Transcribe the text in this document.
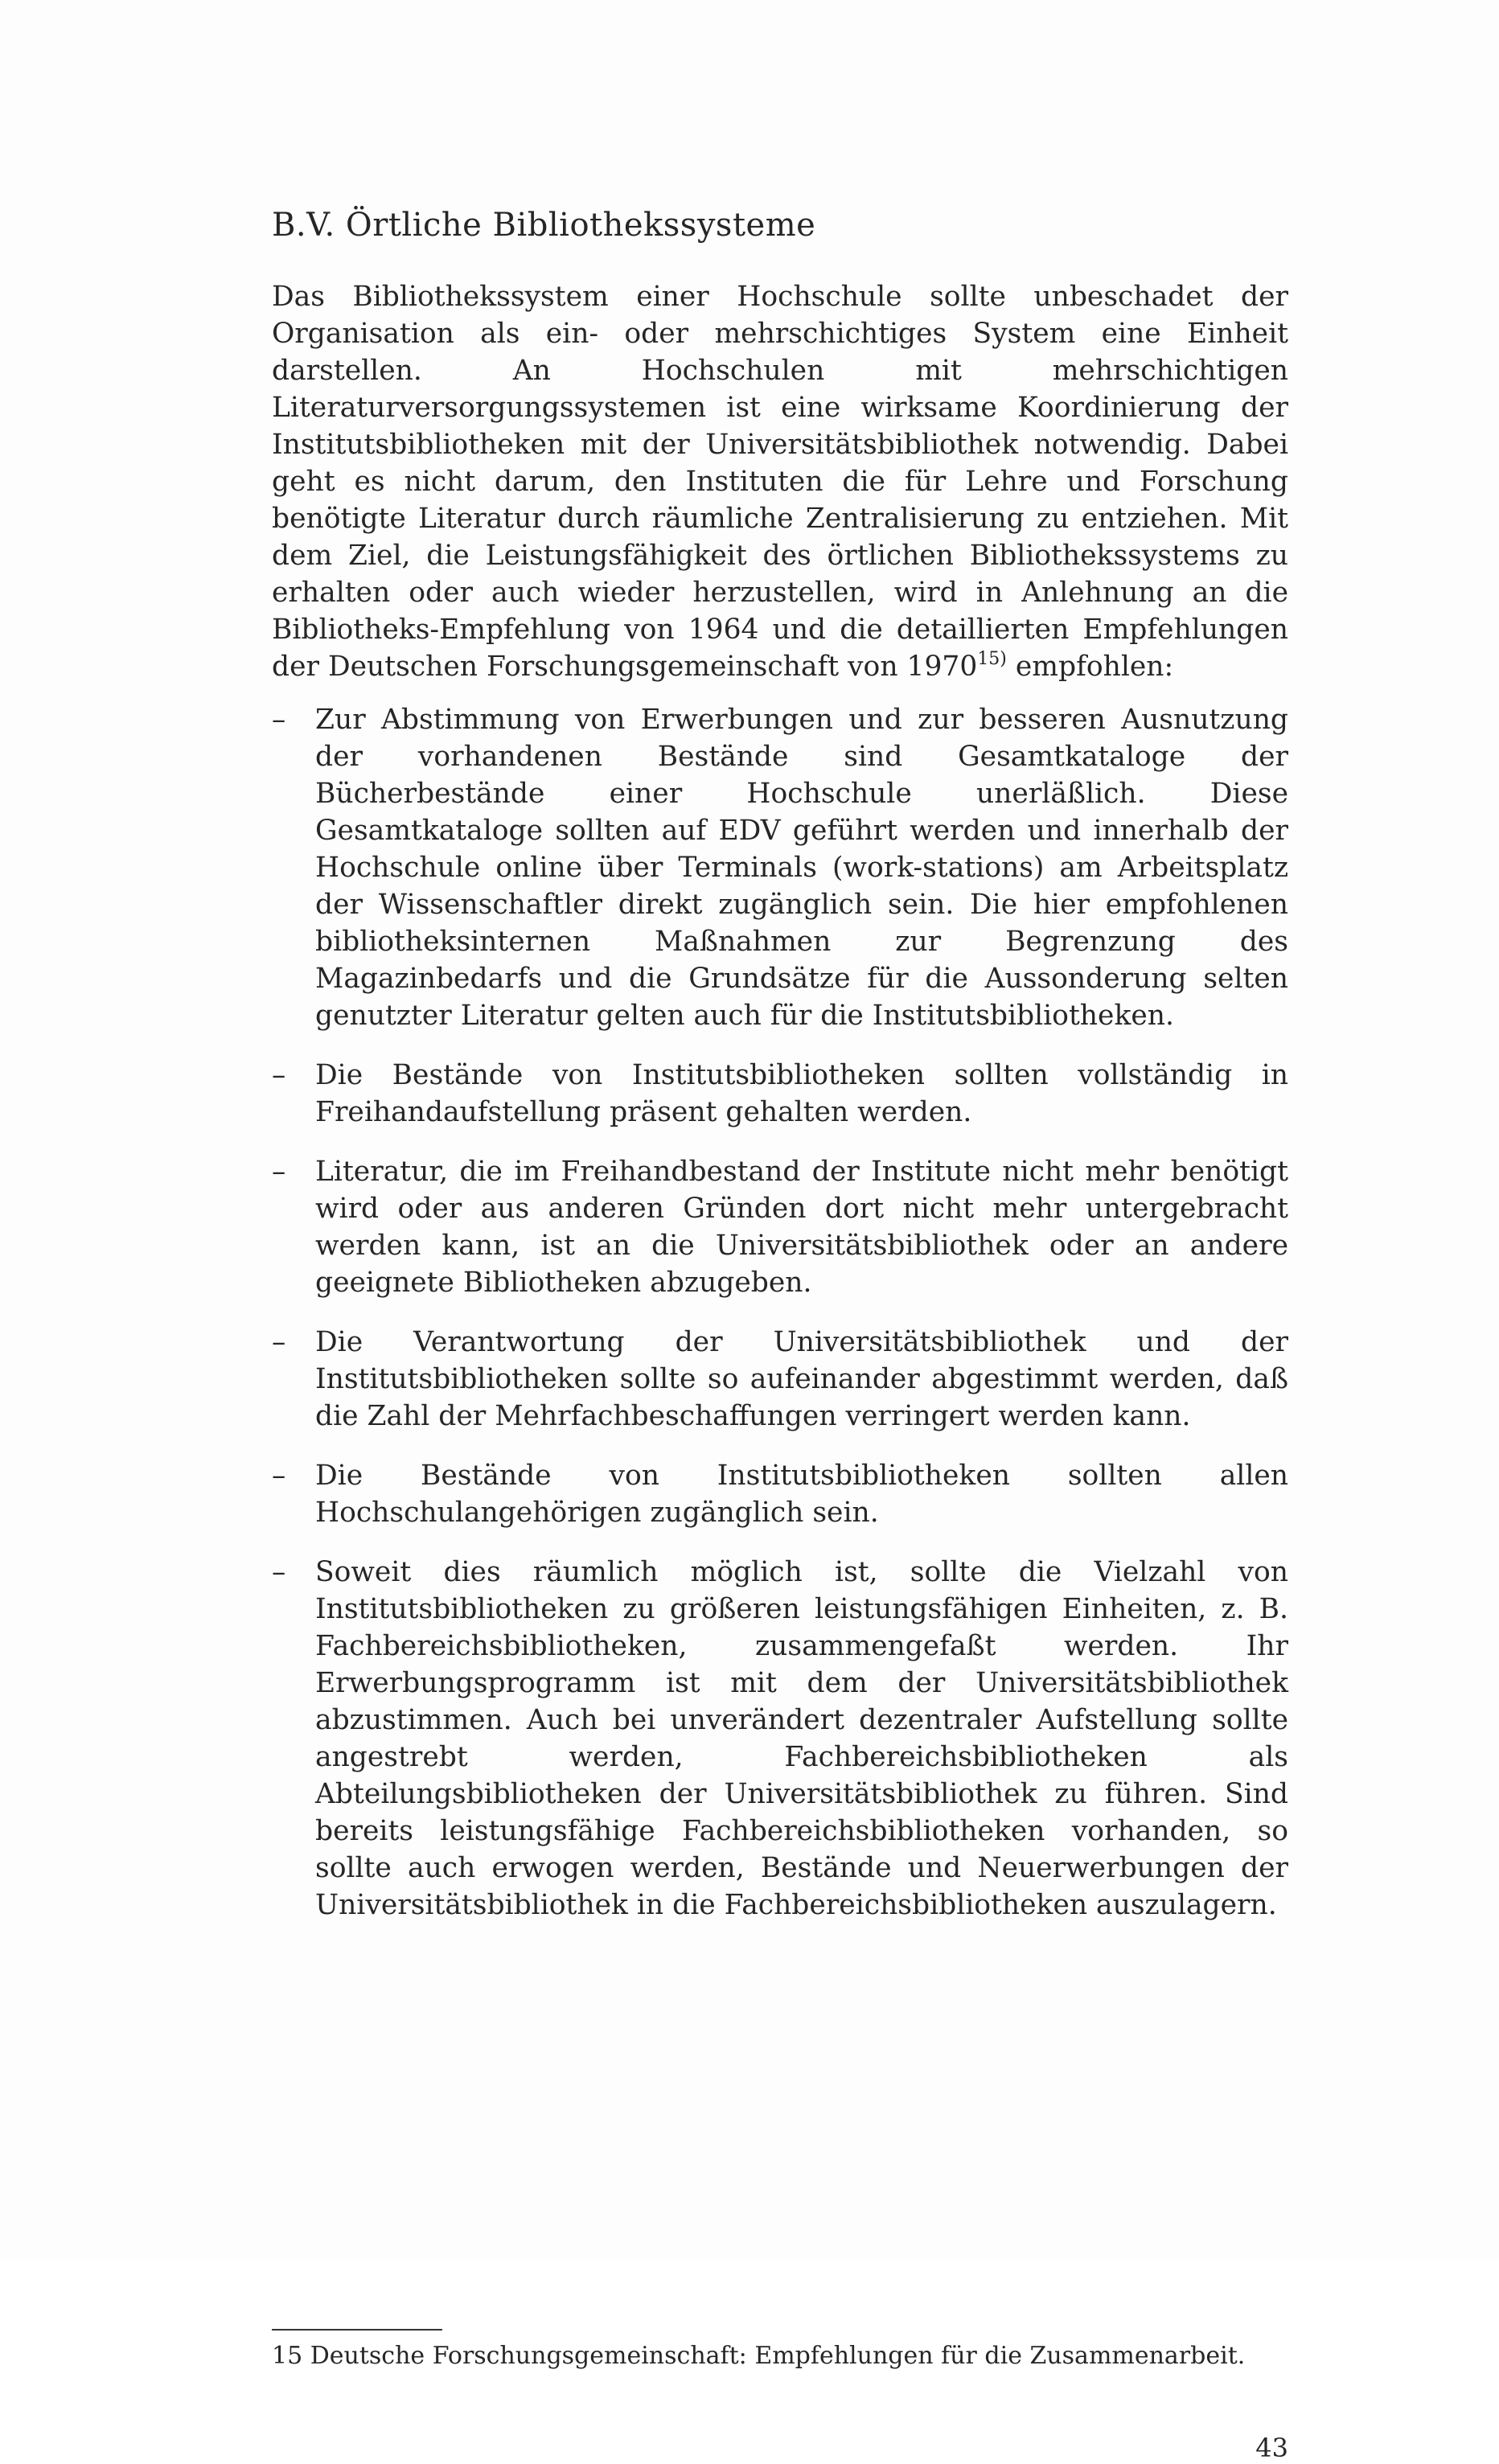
B.V. Örtliche Bibliothekssysteme

Das Bibliothekssystem einer Hochschule sollte unbeschadet der Organisation als ein- oder mehrschichtiges System eine Einheit darstellen. An Hochschulen mit mehrschichtigen Literaturversorgungssystemen ist eine wirksame Koordinierung der Institutsbibliotheken mit der Universitätsbibliothek notwendig. Dabei geht es nicht darum, den Instituten die für Lehre und Forschung benötigte Literatur durch räumliche Zentralisierung zu entziehen. Mit dem Ziel, die Leistungsfähigkeit des örtlichen Bibliothekssystems zu erhalten oder auch wieder herzustellen, wird in Anlehnung an die Bibliotheks-Empfehlung von 1964 und die detaillierten Empfehlungen der Deutschen Forschungsgemeinschaft von 1970$^{15)}$ empfohlen:

– Zur Abstimmung von Erwerbungen und zur besseren Ausnutzung der vorhandenen Bestände sind Gesamtkataloge der Bücherbestände einer Hochschule unerläßlich. Diese Gesamtkataloge sollten auf EDV geführt werden und innerhalb der Hochschule online über Terminals (work-stations) am Arbeitsplatz der Wissenschaftler direkt zugänglich sein. Die hier empfohlenen bibliotheksinternen Maßnahmen zur Begrenzung des Magazinbedarfs und die Grundsätze für die Aussonderung selten genutzter Literatur gelten auch für die Institutsbibliotheken.
– Die Bestände von Institutsbibliotheken sollten vollständig in Freihandaufstellung präsent gehalten werden.
– Literatur, die im Freihandbestand der Institute nicht mehr benötigt wird oder aus anderen Gründen dort nicht mehr untergebracht werden kann, ist an die Universitätsbibliothek oder an andere geeignete Bibliotheken abzugeben.
– Die Verantwortung der Universitätsbibliothek und der Institutsbibliotheken sollte so aufeinander abgestimmt werden, daß die Zahl der Mehrfachbeschaffungen verringert werden kann.
– Die Bestände von Institutsbibliotheken sollten allen Hochschulangehörigen zugänglich sein.
– Soweit dies räumlich möglich ist, sollte die Vielzahl von Institutsbibliotheken zu größeren leistungsfähigen Einheiten, z. B. Fachbereichsbibliotheken, zusammengefaßt werden. Ihr Erwerbungsprogramm ist mit dem der Universitätsbibliothek abzustimmen. Auch bei unverändert dezentraler Aufstellung sollte angestrebt werden, Fachbereichsbibliotheken als Abteilungsbibliotheken der Universitätsbibliothek zu führen. Sind bereits leistungsfähige Fachbereichsbibliotheken vorhanden, so sollte auch erwogen werden, Bestände und Neuerwerbungen der Universitätsbibliothek in die Fachbereichsbibliotheken auszulagern.
15 Deutsche Forschungsgemeinschaft: Empfehlungen für die Zusammenarbeit.
43
